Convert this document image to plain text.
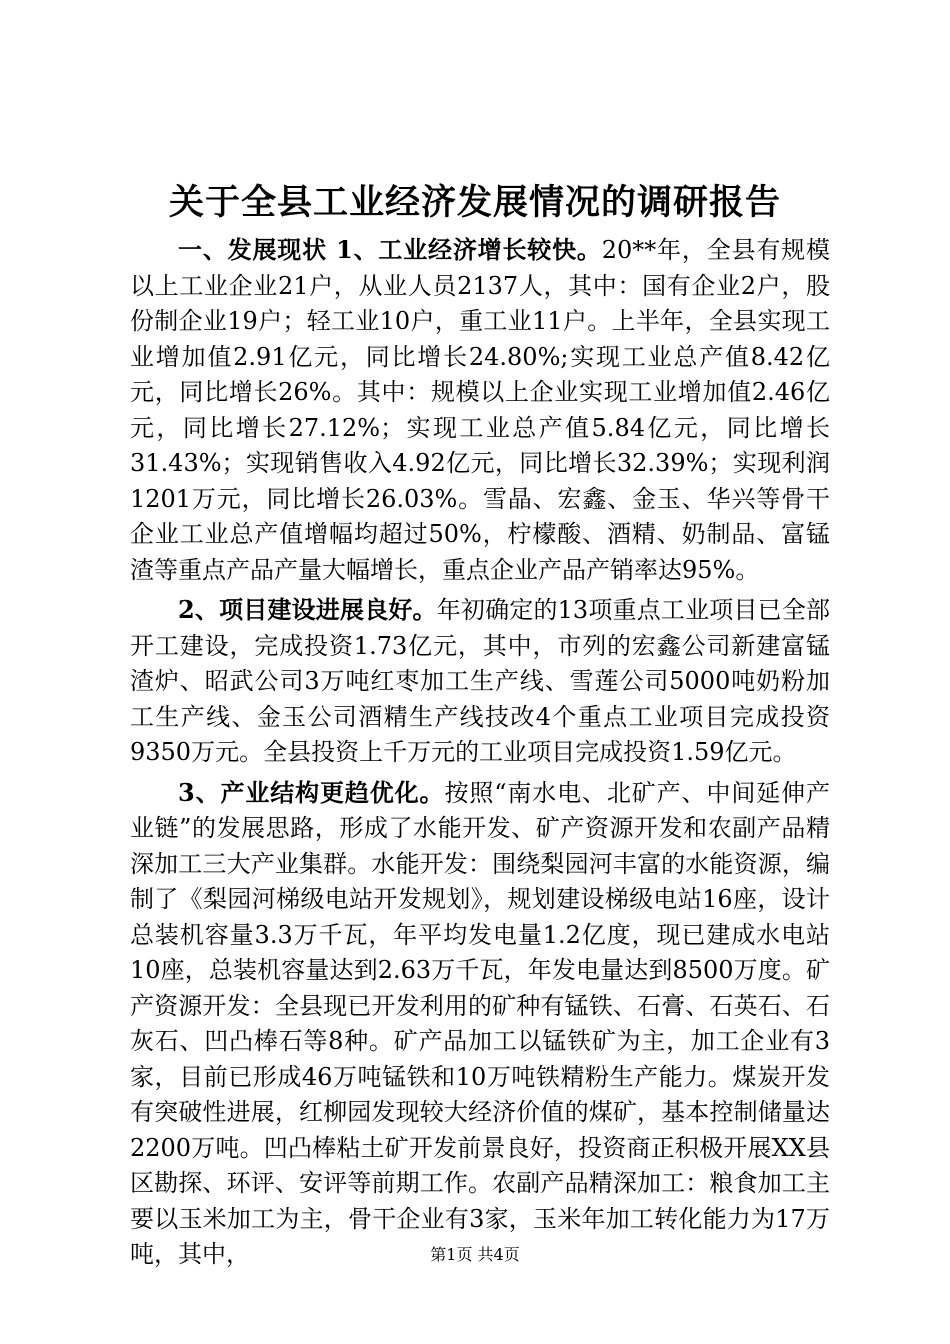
关于全县工业经济发展情况的调研报告

一、发展现状 1、工业经济增长较快。20**年，全县有规模以上工业企业21户，从业人员2137人，其中：国有企业2户，股份制企业19户；轻工业10户，重工业11户。上半年，全县实现工业增加值2.91亿元，同比增长24.80%;实现工业总产值8.42亿元，同比增长26%。其中：规模以上企业实现工业增加值2.46亿元，同比增长27.12%；实现工业总产值5.84亿元，同比增长31.43%；实现销售收入4.92亿元，同比增长32.39%；实现利润1201万元，同比增长26.03%。雪晶、宏鑫、金玉、华兴等骨干企业工业总产值增幅均超过50%，柠檬酸、酒精、奶制品、富锰渣等重点产品产量大幅增长，重点企业产品产销率达95%。

2、项目建设进展良好。年初确定的13项重点工业项目已全部开工建设，完成投资1.73亿元，其中，市列的宏鑫公司新建富锰渣炉、昭武公司3万吨红枣加工生产线、雪莲公司5000吨奶粉加工生产线、金玉公司酒精生产线技改4个重点工业项目完成投资9350万元。全县投资上千万元的工业项目完成投资1.59亿元。

3、产业结构更趋优化。按照“南水电、北矿产、中间延伸产业链”的发展思路，形成了水能开发、矿产资源开发和农副产品精深加工三大产业集群。水能开发：围绕梨园河丰富的水能资源，编制了《梨园河梯级电站开发规划》，规划建设梯级电站16座，设计总装机容量3.3万千瓦，年平均发电量1.2亿度，现已建成水电站10座，总装机容量达到2.63万千瓦，年发电量达到8500万度。矿产资源开发：全县现已开发利用的矿种有锰铁、石膏、石英石、石灰石、凹凸棒石等8种。矿产品加工以锰铁矿为主，加工企业有3家，目前已形成46万吨锰铁和10万吨铁精粉生产能力。煤炭开发有突破性进展，红柳园发现较大经济价值的煤矿，基本控制储量达2200万吨。凹凸棒粘土矿开发前景良好，投资商正积极开展XX县区勘探、环评、安评等前期工作。农副产品精深加工：粮食加工主要以玉米加工为主，骨干企业有3家，玉米年加工转化能力为17万吨，其中，	第1页 共4页
